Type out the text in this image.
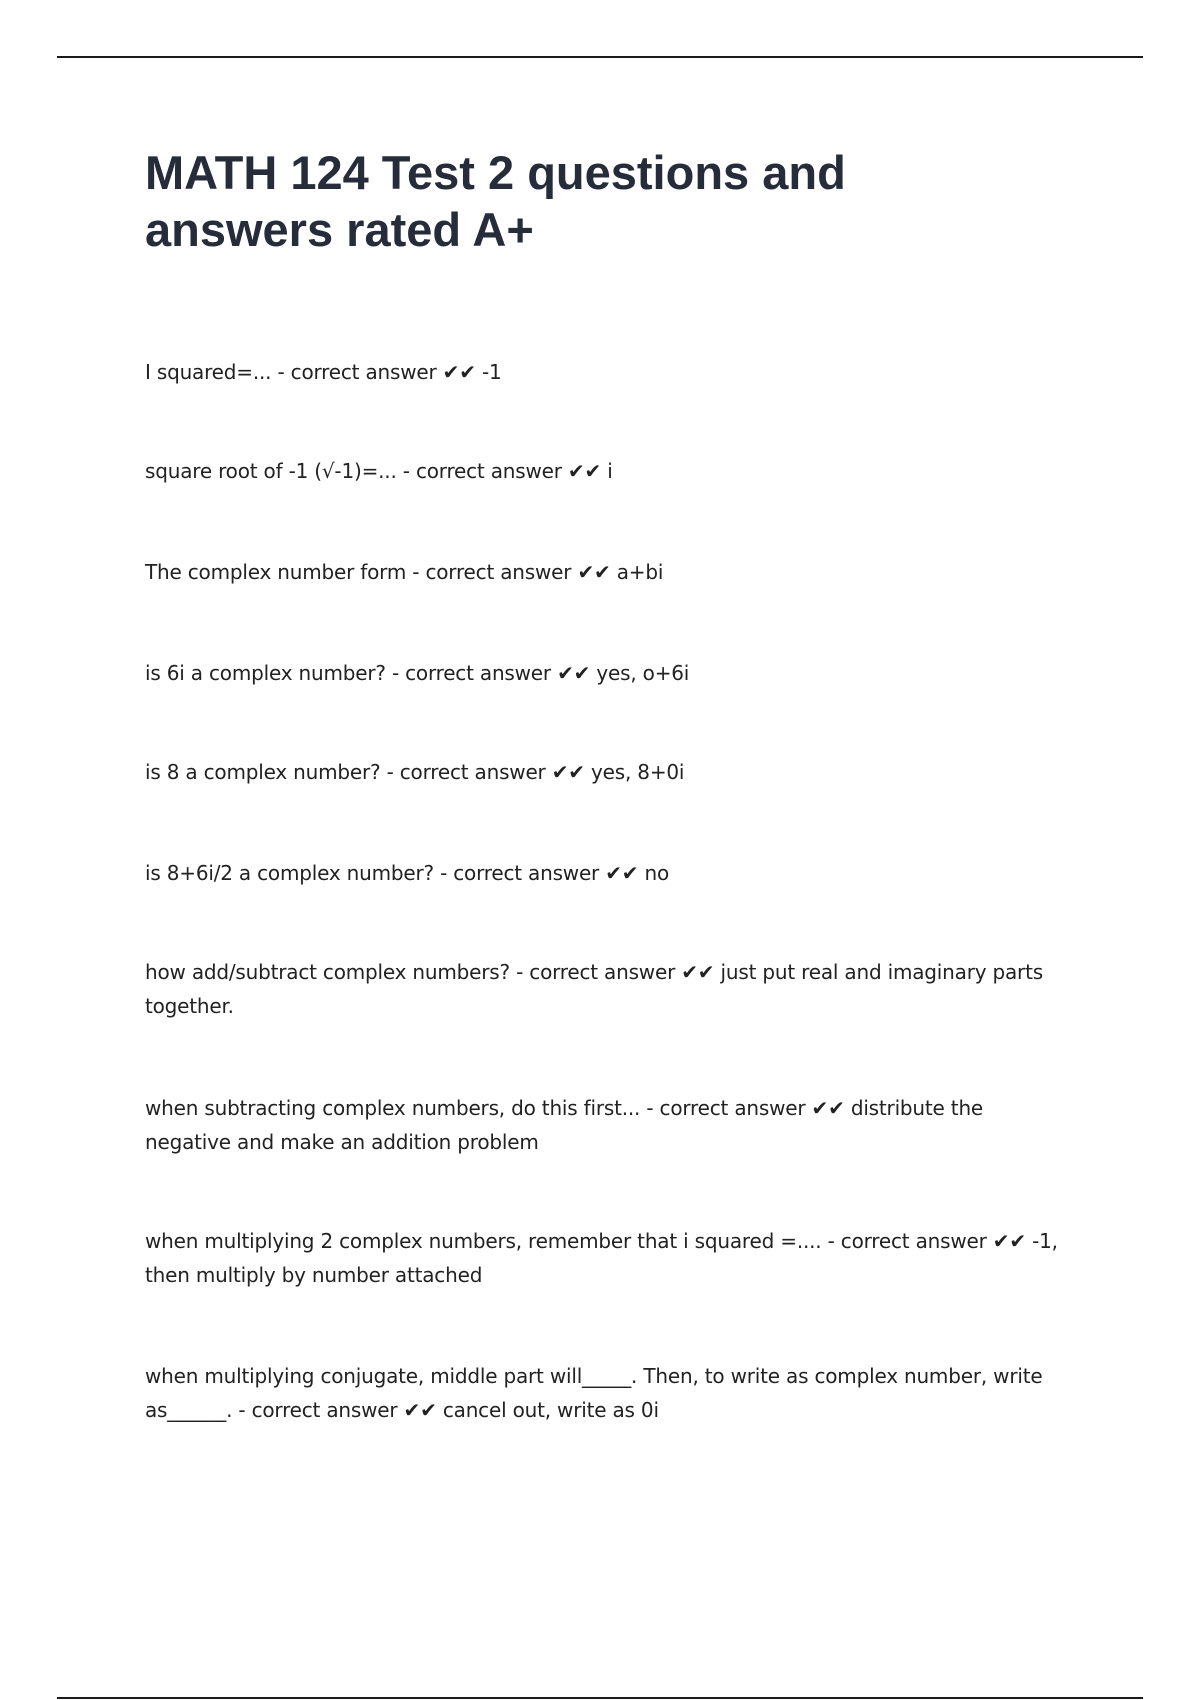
MATH 124 Test 2 questions and
answers rated A+
I squared=... - correct answer ✔✔ -1
square root of -1 (√-1)=... - correct answer ✔✔ i
The complex number form - correct answer ✔✔ a+bi
is 6i a complex number? - correct answer ✔✔ yes, o+6i
is 8 a complex number? - correct answer ✔✔ yes, 8+0i
is 8+6i/2 a complex number? - correct answer ✔✔ no
how add/subtract complex numbers? - correct answer ✔✔ just put real and imaginary parts together.
when subtracting complex numbers, do this first... - correct answer ✔✔ distribute the negative and make an addition problem
when multiplying 2 complex numbers, remember that i squared =.... - correct answer ✔✔ -1, then multiply by number attached
when multiplying conjugate, middle part will_____. Then, to write as complex number, write as______. - correct answer ✔✔ cancel out, write as 0i
